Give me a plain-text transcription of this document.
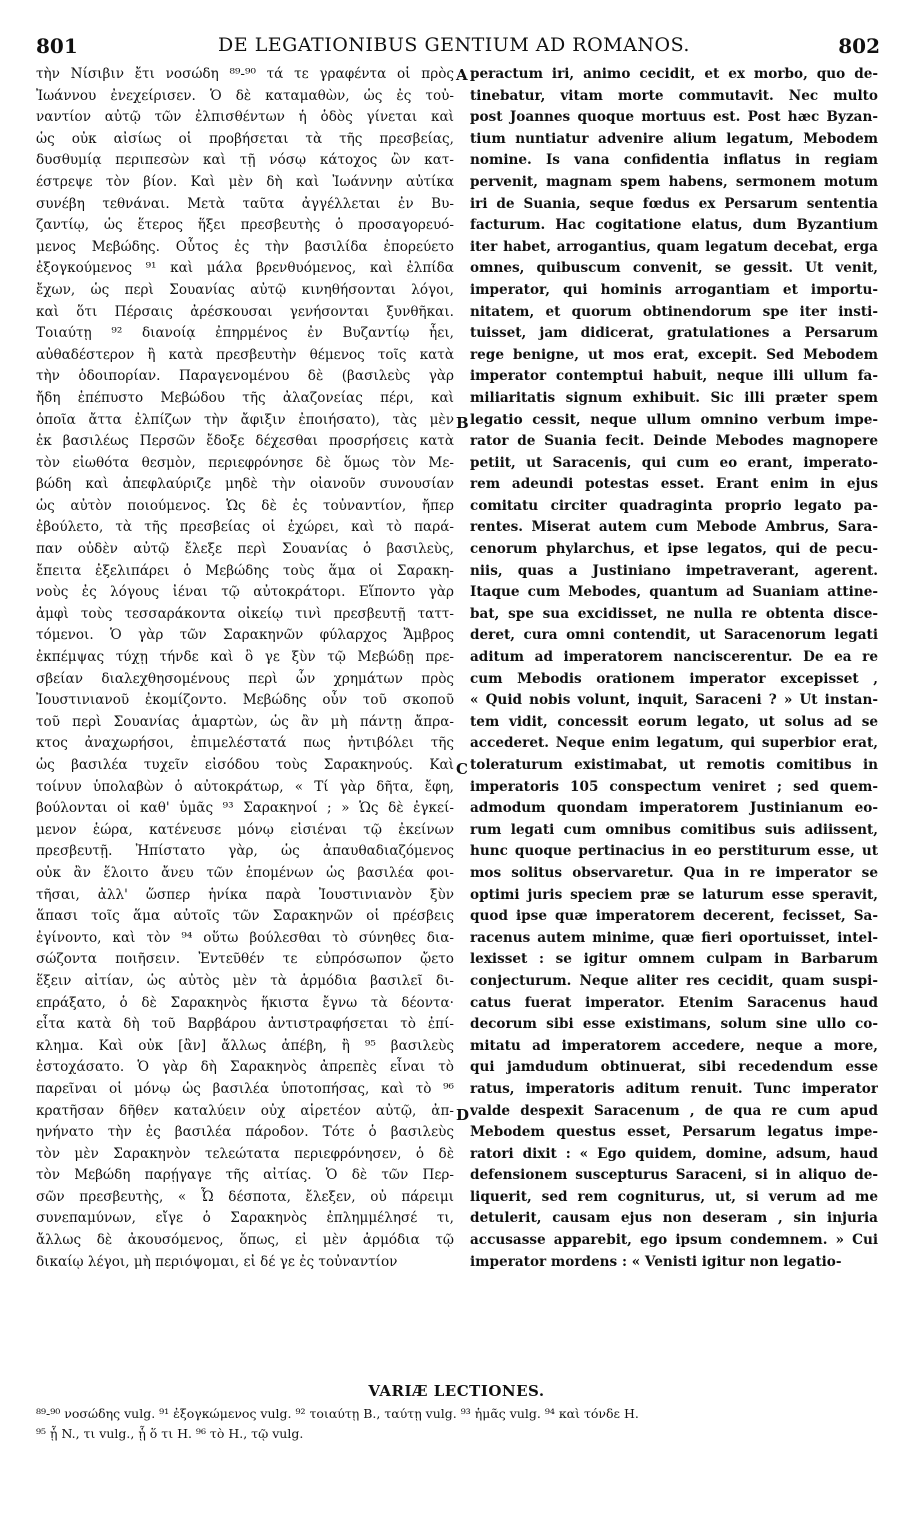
801	DE LEGATIONIBUS GENTIUM AD ROMANOS.	802
τὴν Νίσιβιν ἔτι νοσώδη ⁸⁹-⁹⁰ τά τε γραφέντα οἱ πρὸς
Ἰωάννου ἐνεχείρισεν. Ὁ δὲ καταμαθὼν, ὡς ἐς τοὐ-
ναντίον αὐτῷ τῶν ἐλπισθέντων ἡ ὁδὸς γίνεται καὶ
ὡς οὐκ αἰσίως οἱ προβήσεται τὰ τῆς πρεσβείας,
δυσθυμίᾳ περιπεσὼν καὶ τῇ νόσῳ κάτοχος ὢν κατ-
έστρεψε τὸν βίον. Καὶ μὲν δὴ καὶ Ἰωάννην αὐτίκα
συνέβη τεθνάναι. Μετὰ ταῦτα ἀγγέλλεται ἐν Βυ-
ζαντίῳ, ὡς ἕτερος ἥξει πρεσβευτὴς ὁ προσαγορευό-
μενος Μεβώδης. Οὗτος ἐς τὴν βασιλίδα ἐπορεύετο
ἐξογκούμενος ⁹¹ καὶ μάλα βρενθυόμενος, καὶ ἐλπίδα
ἔχων, ὡς περὶ Σουανίας αὐτῷ κινηθήσονται λόγοι,
καὶ ὅτι Πέρσαις ἀρέσκουσαι γενήσονται ξυνθῆκαι.
Τοιαύτῃ ⁹² διανοίᾳ ἐπηρμένος ἐν Βυζαντίῳ ἧει,
αὐθαδέστερον ἢ κατὰ πρεσβευτὴν θέμενος τοῖς κατὰ
τὴν ὁδοιπορίαν. Παραγενομένου δὲ (βασιλεὺς γὰρ
ἤδη ἐπέπυστο Μεβώδου τῆς ἀλαζονείας πέρι, καὶ
ὁποῖα ἄττα ἐλπίζων τὴν ἄφιξιν ἐποιήσατο), τὰς μὲν
ἐκ βασιλέως Περσῶν ἔδοξε δέχεσθαι προσρήσεις κατὰ
τὸν εἰωθότα θεσμὸν, περιεφρόνησε δὲ ὅμως τὸν Με-
βώδη καὶ ἀπεφλαύριζε μηδὲ τὴν οἰανοῦν συνουσίαν
ὡς αὐτὸν ποιούμενος. Ὡς δὲ ἐς τοὐναντίον, ἤπερ
ἐβούλετο, τὰ τῆς πρεσβείας οἱ ἐχώρει, καὶ τὸ παρά-
παν οὐδὲν αὐτῷ ἔλεξε περὶ Σουανίας ὁ βασιλεὺς,
ἔπειτα ἐξελιπάρει ὁ Μεβώδης τοὺς ἅμα οἱ Σαρακη-
νοὺς ἐς λόγους ἰέναι τῷ αὐτοκράτορι. Εἵποντο γὰρ
ἀμφὶ τοὺς τεσσαράκοντα οἰκείῳ τινὶ πρεσβευτῇ ταττ-
τόμενοι. Ὁ γὰρ τῶν Σαρακηνῶν φύλαρχος Ἄμβρος
ἐκπέμψας τύχῃ τήνδε καὶ ὃ γε ξὺν τῷ Μεβώδῃ πρε-
σβείαν διαλεχθησομένους περὶ ὧν χρημάτων πρὸς
Ἰουστινιανοῦ ἐκομίζοντο. Μεβώδης οὖν τοῦ σκοποῦ
τοῦ περὶ Σουανίας ἁμαρτὼν, ὡς ἂν μὴ πάντῃ ἄπρα-
κτος ἀναχωρήσοι, ἐπιμελέστατά πως ἠντιβόλει τῆς
ὡς βασιλέα τυχεῖν εἰσόδου τοὺς Σαρακηνούς. Καὶ
τοίνυν ὑπολαβὼν ὁ αὐτοκράτωρ, « Τί γὰρ δῆτα, ἔφη,
βούλονται οἱ καθ' ὑμᾶς ⁹³ Σαρακηνοί ; » Ὡς δὲ ἐγκεί-
μενον ἑώρα, κατένευσε μόνῳ εἰσιέναι τῷ ἐκείνων
πρεσβευτῇ. Ἠπίστατο γὰρ, ὡς ἀπαυθαδιαζόμενος
οὐκ ἂν ἕλοιτο ἄνευ τῶν ἑπομένων ὡς βασιλέα φοι-
τῆσαι, ἀλλ' ὥσπερ ἡνίκα παρὰ Ἰουστινιανὸν ξὺν
ἅπασι τοῖς ἅμα αὐτοῖς τῶν Σαρακηνῶν οἱ πρέσβεις
ἐγίνοντο, καὶ τὸν ⁹⁴ οὕτω βούλεσθαι τὸ σύνηθες δια-
σώζοντα ποιῆσειν. Ἐντεῦθέν τε εὐπρόσωπον ᾤετο
ἕξειν αἰτίαν, ὡς αὐτὸς μὲν τὰ ἁρμόδια βασιλεῖ δι-
επράξατο, ὁ δὲ Σαρακηνὸς ἥκιστα ἔγνω τὰ δέοντα·
εἶτα κατὰ δὴ τοῦ Βαρβάρου ἀντιστραφήσεται τὸ ἐπί-
κλημα. Καὶ οὐκ [ἂν] ἄλλως ἀπέβη, ἢ ⁹⁵ βασιλεὺς
ἐστοχάσατο. Ὁ γὰρ δὴ Σαρακηνὸς ἀπρεπὲς εἶναι τὸ
παρεῖναι οἱ μόνῳ ὡς βασιλέα ὑποτοπήσας, καὶ τὸ ⁹⁶
κρατῆσαν δῆθεν καταλύειν οὐχ αἱρετέον αὐτῷ, ἀπ-
ηνήνατο τὴν ἐς βασιλέα πάροδον. Τότε ὁ βασιλεὺς
τὸν μὲν Σαρακηνὸν τελεώτατα περιεφρόνησεν, ὁ δὲ
τὸν Μεβώδη παρῄγαγε τῆς αἰτίας. Ὁ δὲ τῶν Περ-
σῶν πρεσβευτὴς, « Ὦ δέσποτα, ἔλεξεν, οὐ πάρειμι
συνεπαμύνων, εἴγε ὁ Σαρακηνὸς ἐπλημμέλησέ τι,
ἄλλως δὲ ἀκουσόμενος, ὅπως, εἰ μὲν ἁρμόδια τῷ
δικαίῳ λέγοι, μὴ περιόψομαι, εἰ δέ γε ἐς τοὐναντίον
peractum iri, animo cecidit, et ex morbo, quo de-
tinebatur, vitam morte commutavit. Nec multo
post Joannes quoque mortuus est. Post hæc Byzan-
tium nuntiatur advenire alium legatum, Mebodem
nomine. Is vana confidentia inflatus in regiam
pervenit, magnam spem habens, sermonem motum
iri de Suania, seque fœdus ex Persarum sententia
facturum. Hac cogitatione elatus, dum Byzantium
iter habet, arrogantius, quam legatum decebat, erga
omnes, quibuscum convenit, se gessit. Ut venit,
imperator, qui hominis arrogantiam et importu-
nitatem, et quorum obtinendorum spe iter insti-
tuisset, jam didicerat, gratulationes a Persarum
rege benigne, ut mos erat, excepit. Sed Mebodem
imperator contemptui habuit, neque illi ullum fa-
miliaritatis signum exhibuit. Sic illi præter spem
legatio cessit, neque ullum omnino verbum impe-
rator de Suania fecit. Deinde Mebodes magnopere
petiit, ut Saracenis, qui cum eo erant, imperato-
rem adeundi potestas esset. Erant enim in ejus
comitatu circiter quadraginta proprio legato pa-
rentes. Miserat autem cum Mebode Ambrus, Sara-
cenorum phylarchus, et ipse legatos, qui de pecu-
niis, quas a Justiniano impetraverant, agerent.
Itaque cum Mebodes, quantum ad Suaniam attine-
bat, spe sua excidisset, ne nulla re obtenta disce-
deret, cura omni contendit, ut Saracenorum legati
aditum ad imperatorem nanciscerentur. De ea re
cum Mebodis orationem imperator excepisset ,
« Quid nobis volunt, inquit, Saraceni ? » Ut instan-
tem vidit, concessit eorum legato, ut solus ad se
accederet. Neque enim legatum, qui superbior erat,
toleraturum existimabat, ut remotis comitibus in
imperatoris 105 conspectum veniret ; sed quem-
admodum quondam imperatorem Justinianum eo-
rum legati cum omnibus comitibus suis adiissent,
hunc quoque pertinacius in eo perstiturum esse, ut
mos solitus observaretur. Qua in re imperator se
optimi juris speciem præ se laturum esse speravit,
quod ipse quæ imperatorem decerent, fecisset, Sa-
racenus autem minime, quæ fieri oportuisset, intel-
lexisset : se igitur omnem culpam in Barbarum
conjecturum. Neque aliter res cecidit, quam suspi-
catus fuerat imperator. Etenim Saracenus haud
decorum sibi esse existimans, solum sine ullo co-
mitatu ad imperatorem accedere, neque a more,
qui jamdudum obtinuerat, sibi recedendum esse
ratus, imperatoris aditum renuit. Tunc imperator
valde despexit Saracenum , de qua re cum apud
Mebodem questus esset, Persarum legatus impe-
ratori dixit : « Ego quidem, domine, adsum, haud
defensionem suscepturus Saraceni, si in aliquo de-
liquerit, sed rem cogniturus, ut, si verum ad me
detulerit, causam ejus non deseram , sin injuria
accusasse apparebit, ego ipsum condemnem. » Cui
imperator mordens : « Venisti igitur non legatio-
A
B
C
D
VARIÆ LECTIONES.
⁸⁹-⁹⁰ νοσώδης vulg. ⁹¹ ἐξογκώμενος vulg. ⁹² τοιαύτῃ B., ταύτῃ vulg. ⁹³ ἡμᾶς vulg. ⁹⁴ καὶ τόνδε H.
⁹⁵ ᾗ N., τι vulg., ᾗ ὅ τι H. ⁹⁶ τὸ H., τῷ vulg.
